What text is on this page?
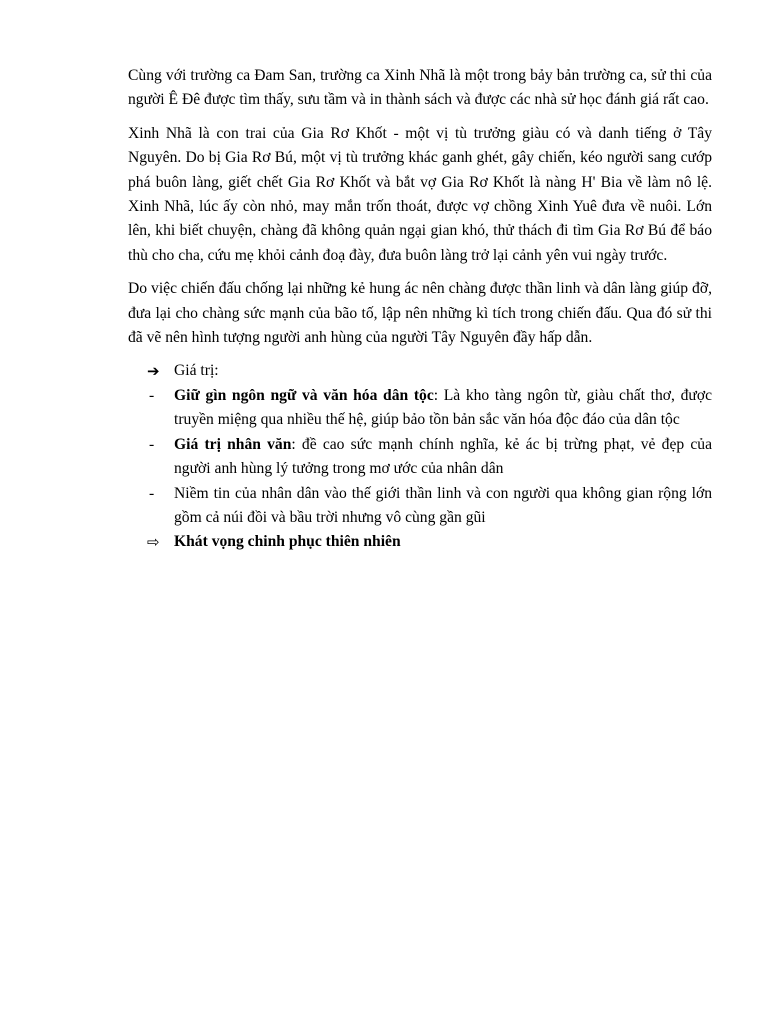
Cùng với trường ca Đam San, trường ca Xinh Nhã là một trong bảy bản trường ca, sử thi của người Ê Đê được tìm thấy, sưu tầm và in thành sách và được các nhà sử học đánh giá rất cao.

Xinh Nhã là con trai của Gia Rơ Khốt - một vị tù trưởng giàu có và danh tiếng ở Tây Nguyên. Do bị Gia Rơ Bú, một vị tù trưởng khác ganh ghét, gây chiến, kéo người sang cướp phá buôn làng, giết chết Gia Rơ Khốt và bắt vợ Gia Rơ Khốt là nàng H' Bia về làm nô lệ. Xinh Nhã, lúc ấy còn nhỏ, may mắn trốn thoát, được vợ chồng Xinh Yuê đưa về nuôi. Lớn lên, khi biết chuyện, chàng đã không quản ngại gian khó, thử thách đi tìm Gia Rơ Bú để báo thù cho cha, cứu mẹ khỏi cảnh đoạ đày, đưa buôn làng trở lại cảnh yên vui ngày trước.

Do việc chiến đấu chống lại những kẻ hung ác nên chàng được thần linh và dân làng giúp đỡ, đưa lại cho chàng sức mạnh của bão tố, lập nên những kì tích trong chiến đấu. Qua đó sử thi đã vẽ nên hình tượng người anh hùng của người Tây Nguyên đầy hấp dẫn.

➔ Giá trị:
-	Giữ gìn ngôn ngữ và văn hóa dân tộc: Là kho tàng ngôn từ, giàu chất thơ, được truyền miệng qua nhiều thế hệ, giúp bảo tồn bản sắc văn hóa độc đáo của dân tộc
-	Giá trị nhân văn: đề cao sức mạnh chính nghĩa, kẻ ác bị trừng phạt, vẻ đẹp của người anh hùng lý tưởng trong mơ ước của nhân dân
-	Niềm tin của nhân dân vào thế giới thần linh và con người qua không gian rộng lớn gồm cả núi đồi và bầu trời nhưng vô cùng gần gũi
⇨ Khát vọng chinh phục thiên nhiên
